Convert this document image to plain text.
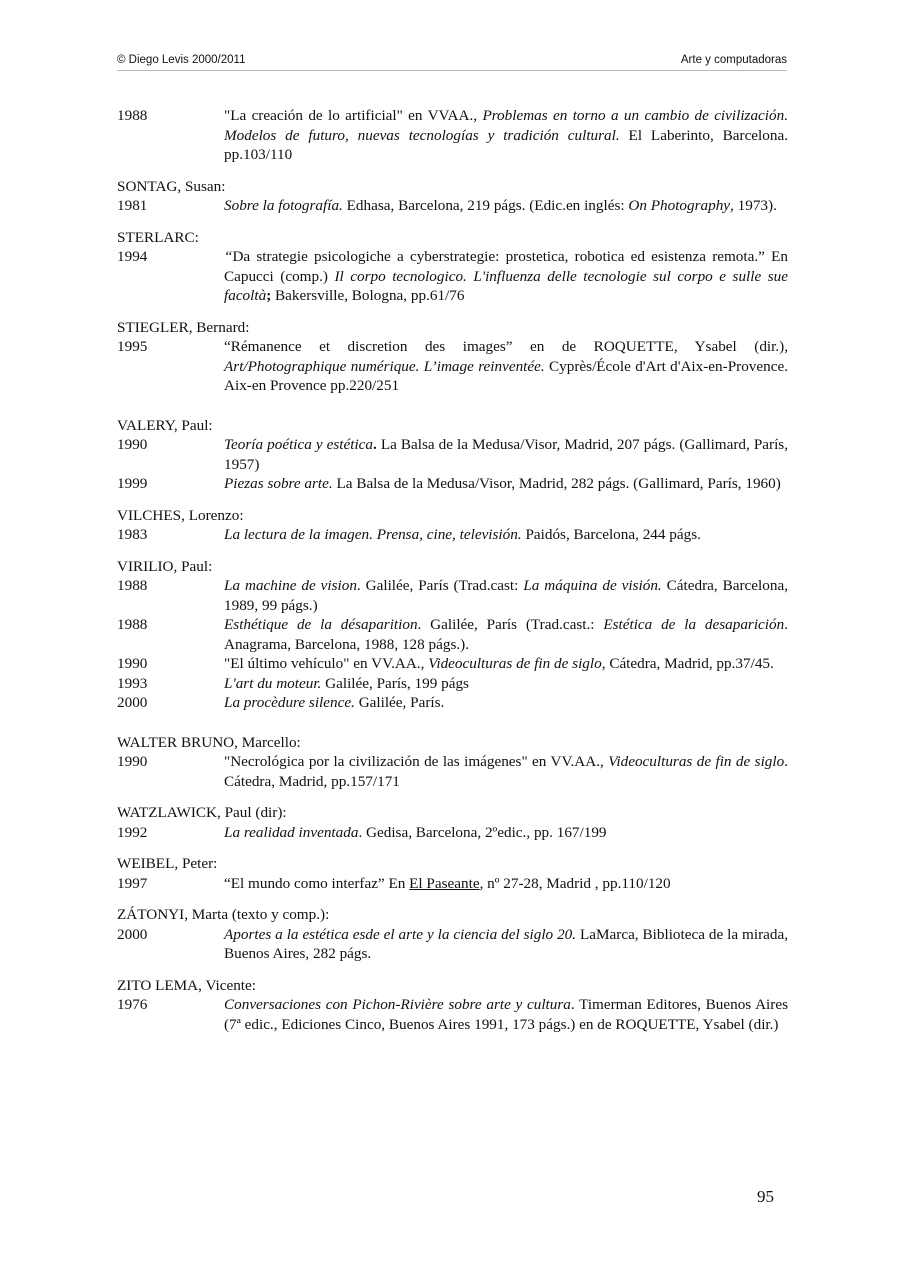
© Diego Levis 2000/2011	Arte y computadoras
1988	"La creación de lo artificial" en VVAA., Problemas en torno a un cambio de civilización. Modelos de futuro, nuevas tecnologías y tradición cultural. El Laberinto, Barcelona. pp.103/110
SONTAG, Susan:
1981	Sobre la fotografía. Edhasa, Barcelona, 219 págs. (Edic.en inglés: On Photography, 1973).
STERLARC:
1994	“Da strategie psicologiche a cyberstrategie: prostetica, robotica ed esistenza remota.” En Capucci (comp.) Il corpo tecnologico. L'influenza delle tecnologie sul corpo e sulle sue facoltà; Bakersville, Bologna, pp.61/76
STIEGLER, Bernard:
1995	“Rémanence et discretion des images” en de ROQUETTE, Ysabel (dir.), Art/Photographique numérique. L’image reinventée. Cyprès/École d'Art d'Aix-en-Provence. Aix-en Provence pp.220/251
VALERY, Paul:
1990	Teoría poética y estética. La Balsa de la Medusa/Visor, Madrid, 207 págs. (Gallimard, París, 1957)
1999	Piezas sobre arte. La Balsa de la Medusa/Visor, Madrid, 282 págs. (Gallimard, París, 1960)
VILCHES, Lorenzo:
1983	La lectura de la imagen. Prensa, cine, televisión. Paidós, Barcelona, 244 págs.
VIRILIO, Paul:
1988	La machine de vision. Galilée, París (Trad.cast: La máquina de visión. Cátedra, Barcelona, 1989, 99 págs.)
1988	Esthétique de la désaparition. Galilée, París (Trad.cast.: Estética de la desaparición. Anagrama, Barcelona, 1988, 128 págs.).
1990	"El último vehículo" en VV.AA., Videoculturas de fin de siglo, Cátedra, Madrid, pp.37/45.
1993	L'art du moteur. Galilée, París, 199 págs
2000	La procèdure silence. Galilée, París.
WALTER BRUNO, Marcello:
1990	"Necrológica por la civilización de las imágenes" en VV.AA., Videoculturas de fin de siglo. Cátedra, Madrid, pp.157/171
WATZLAWICK, Paul (dir):
1992	La realidad inventada. Gedisa, Barcelona, 2ºedic., pp. 167/199
WEIBEL, Peter:
1997	“El mundo como interfaz” En El Paseante, nº 27-28, Madrid , pp.110/120
ZÁTONYI, Marta (texto y comp.):
2000	Aportes a la estética esde el arte y la ciencia del siglo 20. LaMarca, Biblioteca de la mirada, Buenos Aires, 282 págs.
ZITO LEMA, Vicente:
1976	Conversaciones con Pichon-Rivière sobre arte y cultura. Timerman Editores, Buenos Aires (7ª edic., Ediciones Cinco, Buenos Aires 1991, 173 págs.) en de ROQUETTE, Ysabel (dir.)
95
